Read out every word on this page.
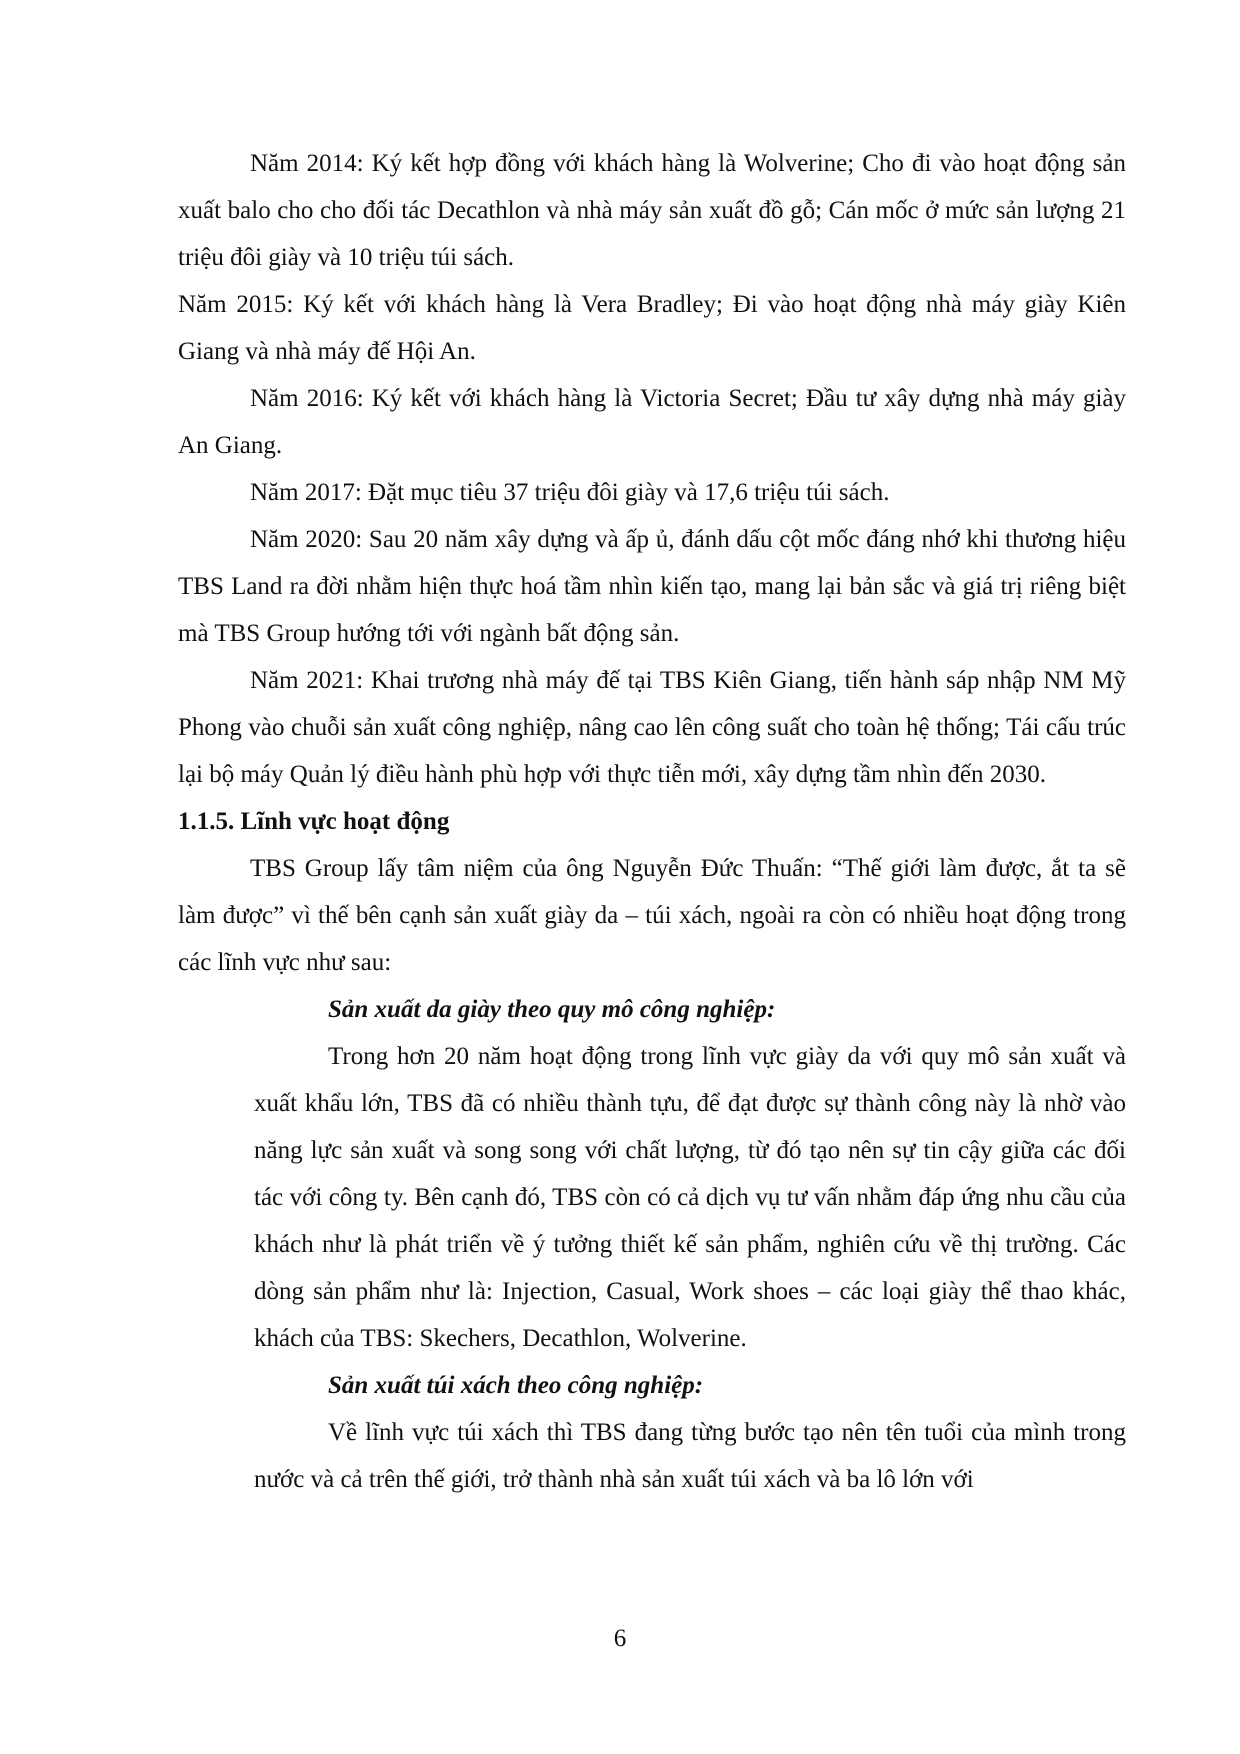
Năm 2014: Ký kết hợp đồng với khách hàng là Wolverine; Cho đi vào hoạt động sản xuất balo cho cho đối tác Decathlon và nhà máy sản xuất đồ gỗ; Cán mốc ở mức sản lượng 21 triệu đôi giày và 10 triệu túi sách.

Năm 2015: Ký kết với khách hàng là Vera Bradley; Đi vào hoạt động nhà máy giày Kiên Giang và nhà máy đế Hội An.

Năm 2016: Ký kết với khách hàng là Victoria Secret; Đầu tư xây dựng nhà máy giày An Giang.

Năm 2017: Đặt mục tiêu 37 triệu đôi giày và 17,6 triệu túi sách.

Năm 2020: Sau 20 năm xây dựng và ấp ủ, đánh dấu cột mốc đáng nhớ khi thương hiệu TBS Land ra đời nhằm hiện thực hoá tầm nhìn kiến tạo, mang lại bản sắc và giá trị riêng biệt mà TBS Group hướng tới với ngành bất động sản.

Năm 2021: Khai trương nhà máy đế tại TBS Kiên Giang, tiến hành sáp nhập NM Mỹ Phong vào chuỗi sản xuất công nghiệp, nâng cao lên công suất cho toàn hệ thống; Tái cấu trúc lại bộ máy Quản lý điều hành phù hợp với thực tiễn mới, xây dựng tầm nhìn đến 2030.

1.1.5. Lĩnh vực hoạt động

TBS Group lấy tâm niệm của ông Nguyễn Đức Thuấn: “Thế giới làm được, ắt ta sẽ làm được” vì thế bên cạnh sản xuất giày da – túi xách, ngoài ra còn có nhiều hoạt động trong các lĩnh vực như sau:

Sản xuất da giày theo quy mô công nghiệp:

Trong hơn 20 năm hoạt động trong lĩnh vực giày da với quy mô sản xuất và xuất khẩu lớn, TBS đã có nhiều thành tựu, để đạt được sự thành công này là nhờ vào năng lực sản xuất và song song với chất lượng, từ đó tạo nên sự tin cậy giữa các đối tác với công ty. Bên cạnh đó, TBS còn có cả dịch vụ tư vấn nhằm đáp ứng nhu cầu của khách như là phát triển về ý tưởng thiết kế sản phẩm, nghiên cứu về thị trường. Các dòng sản phẩm như là: Injection, Casual, Work shoes – các loại giày thể thao khác, khách của TBS: Skechers, Decathlon, Wolverine.

Sản xuất túi xách theo công nghiệp:

Về lĩnh vực túi xách thì TBS đang từng bước tạo nên tên tuổi của mình trong nước và cả trên thế giới, trở thành nhà sản xuất túi xách và ba lô lớn với

6
